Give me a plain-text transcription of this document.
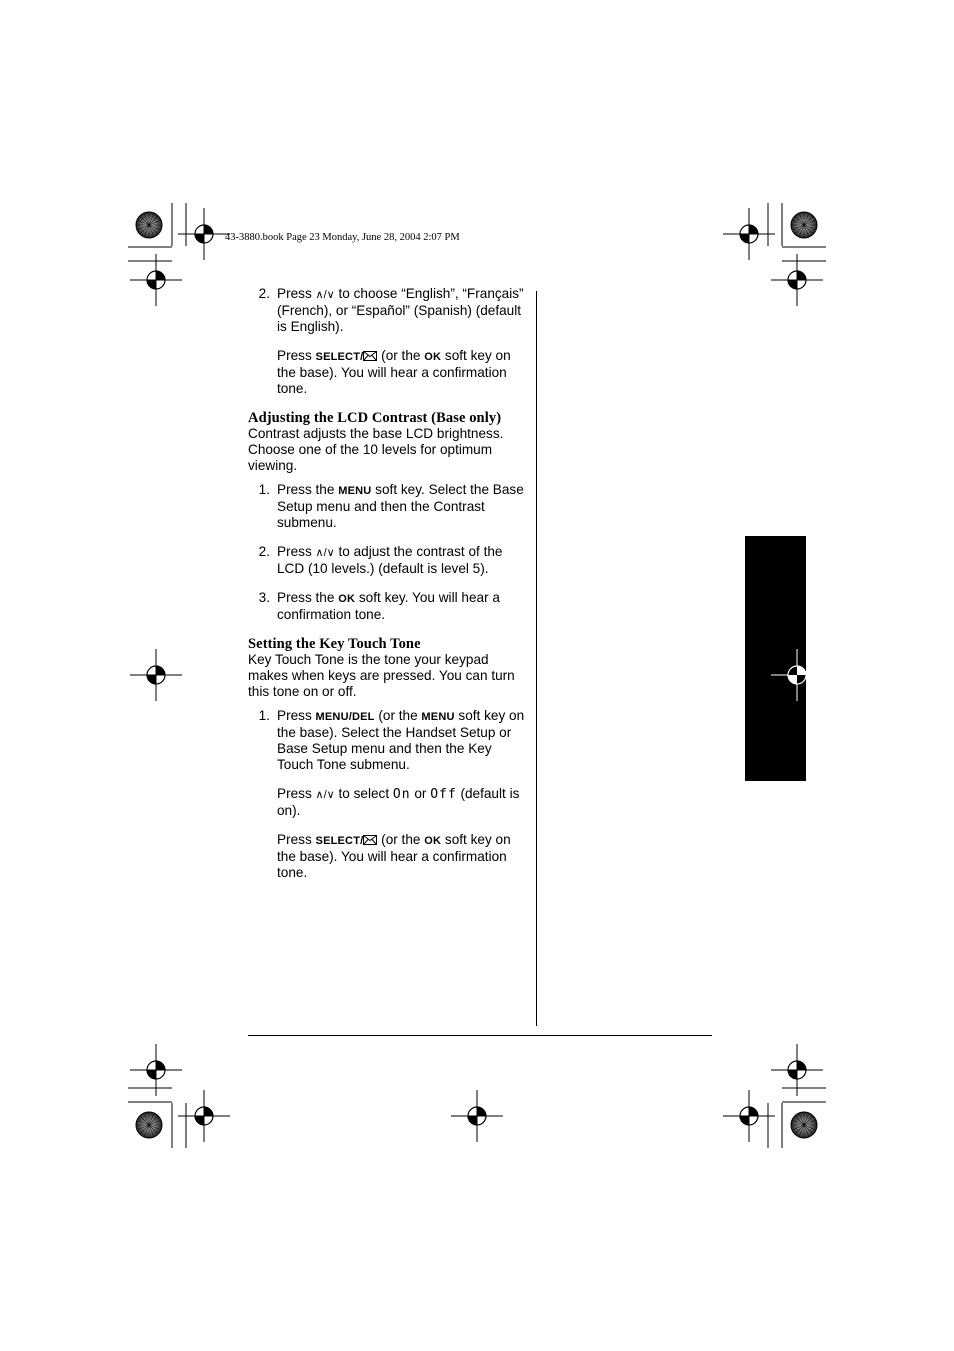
43-3880.book Page 23 Monday, June 28, 2004 2:07 PM
2. Press ∧/∨ to choose “English”, “Français” (French), or “Español” (Spanish) (default is English).
Press SELECT/ (or the OK soft key on the base). You will hear a confirmation tone.
Adjusting the LCD Contrast (Base only)

Contrast adjusts the base LCD brightness. Choose one of the 10 levels for optimum viewing.

1. Press the MENU soft key. Select the Base Setup menu and then the Contrast submenu.
2. Press ∧/∨ to adjust the contrast of the LCD (10 levels.) (default is level 5).
3. Press the OK soft key. You will hear a confirmation tone.
Setting the Key Touch Tone

Key Touch Tone is the tone your keypad makes when keys are pressed. You can turn this tone on or off.

1. Press MENU/DEL (or the MENU soft key on the base). Select the Handset Setup or Base Setup menu and then the Key Touch Tone submenu.
Press ∧/∨ to select On or Off (default is on).
Press SELECT/ (or the OK soft key on the base). You will hear a confirmation tone.
